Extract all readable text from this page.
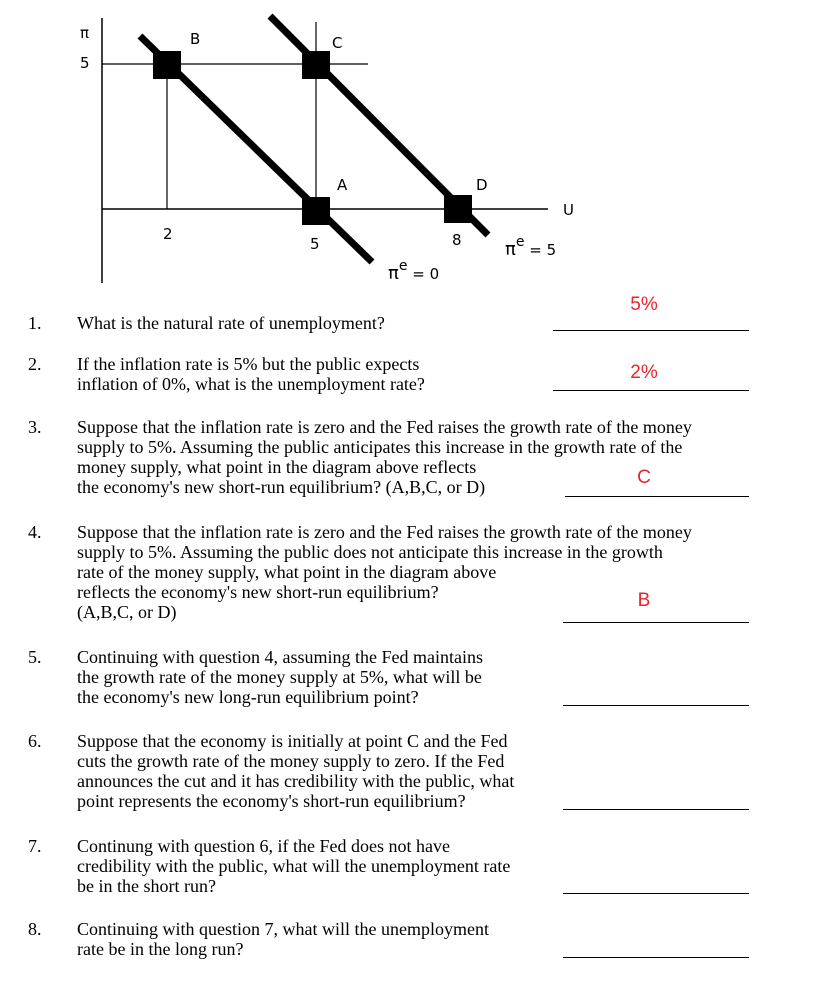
π
5
U
2
5	8
B	C
A	D
πe = 5
πe = 0
1. What is the natural rate of unemployment?
5%
2. If the inflation rate is 5% but the public expects
inflation of 0%, what is the unemployment rate?
2%
3. Suppose that the inflation rate is zero and the Fed raises the growth rate of the money
supply to 5%. Assuming the public anticipates this increase in the growth rate of the
money supply, what point in the diagram above reflects
the economy's new short-run equilibrium? (A,B,C, or D)	C
4. Suppose that the inflation rate is zero and the Fed raises the growth rate of the money
supply to 5%. Assuming the public does not anticipate this increase in the growth
rate of the money supply, what point in the diagram above
reflects the economy's new short-run equilibrium?
(A,B,C, or D)
B
5. Continuing with question 4, assuming the Fed maintains
the growth rate of the money supply at 5%, what will be
the economy's new long-run equilibrium point?
6. Suppose that the economy is initially at point C and the Fed
cuts the growth rate of the money supply to zero. If the Fed
announces the cut and it has credibility with the public, what
point represents the economy's short-run equilibrium?
7. Continung with question 6, if the Fed does not have
credibility with the public, what will the unemployment rate
be in the short run?
8. Continuing with question 7, what will the unemployment
rate be in the long run?
